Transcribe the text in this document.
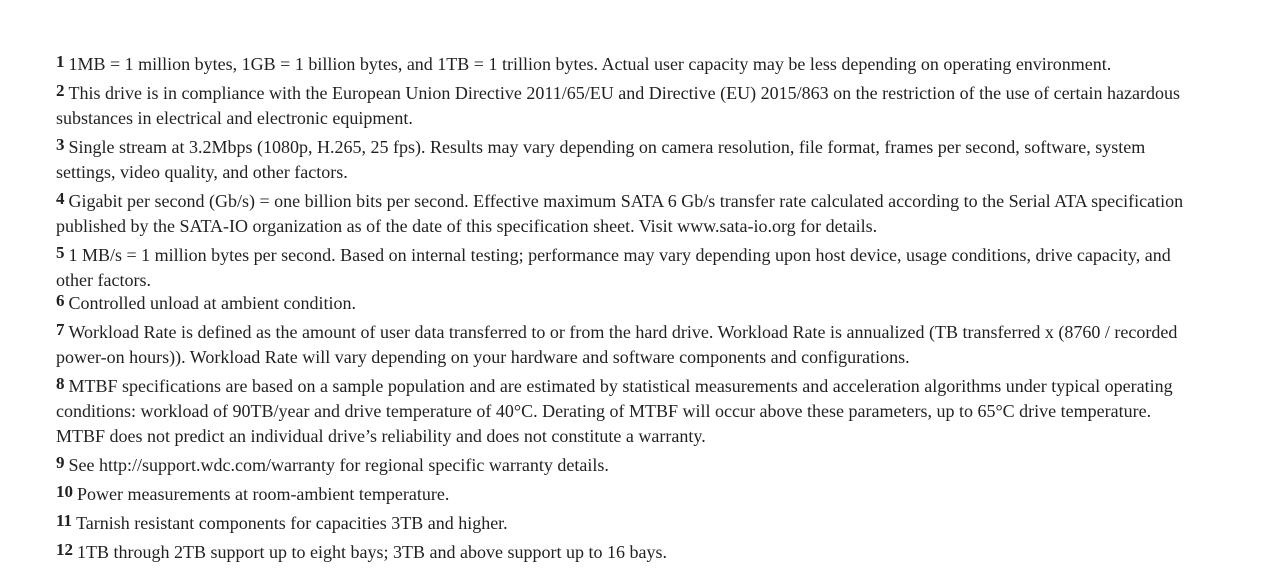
1 1MB = 1 million bytes, 1GB = 1 billion bytes, and 1TB = 1 trillion bytes. Actual user capacity may be less depending on operating environment.
2 This drive is in compliance with the European Union Directive 2011/65/EU and Directive (EU) 2015/863 on the restriction of the use of certain hazardous substances in electrical and electronic equipment.
3 Single stream at 3.2Mbps (1080p, H.265, 25 fps). Results may vary depending on camera resolution, file format, frames per second, software, system settings, video quality, and other factors.
4 Gigabit per second (Gb/s) = one billion bits per second. Effective maximum SATA 6 Gb/s transfer rate calculated according to the Serial ATA specification published by the SATA-IO organization as of the date of this specification sheet. Visit www.sata-io.org for details.
5 1 MB/s = 1 million bytes per second. Based on internal testing; performance may vary depending upon host device, usage conditions, drive capacity, and other factors.
6 Controlled unload at ambient condition.
7 Workload Rate is defined as the amount of user data transferred to or from the hard drive. Workload Rate is annualized (TB transferred x (8760 / recorded power-on hours)). Workload Rate will vary depending on your hardware and software components and configurations.
8 MTBF specifications are based on a sample population and are estimated by statistical measurements and acceleration algorithms under typical operating conditions: workload of 90TB/year and drive temperature of 40°C. Derating of MTBF will occur above these parameters, up to 65°C drive temperature. MTBF does not predict an individual drive’s reliability and does not constitute a warranty.
9 See http://support.wdc.com/warranty for regional specific warranty details.
10 Power measurements at room-ambient temperature.
11 Tarnish resistant components for capacities 3TB and higher.
12 1TB through 2TB support up to eight bays; 3TB and above support up to 16 bays.
